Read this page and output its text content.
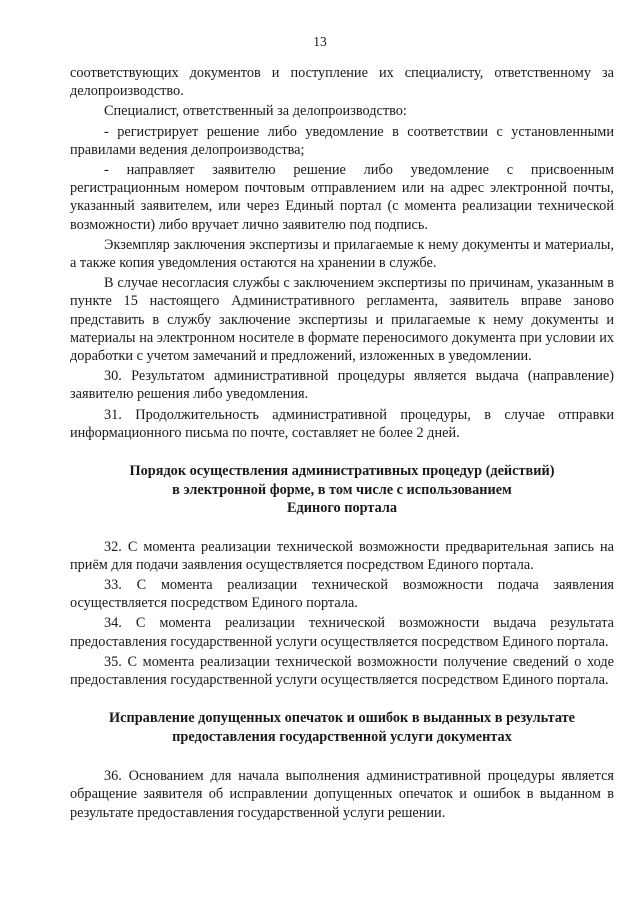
13

соответствующих документов и поступление их специалисту, ответственному за делопроизводство.

Специалист, ответственный за делопроизводство:

- регистрирует решение либо уведомление в соответствии с установленными правилами ведения делопроизводства;

- направляет заявителю решение либо уведомление с присвоенным регистрационным номером почтовым отправлением или на адрес электронной почты, указанный заявителем, или через Единый портал (с момента реализации технической возможности) либо вручает лично заявителю под подпись.

Экземпляр заключения экспертизы и прилагаемые к нему документы и материалы, а также копия уведомления остаются на хранении в службе.

В случае несогласия службы с заключением экспертизы по причинам, указанным в пункте 15 настоящего Административного регламента, заявитель вправе заново представить в службу заключение экспертизы и прилагаемые к нему документы и материалы на электронном носителе в формате переносимого документа при условии их доработки с учетом замечаний и предложений, изложенных в уведомлении.

30. Результатом административной процедуры является выдача (направление) заявителю решения либо уведомления.

31. Продолжительность административной процедуры, в случае отправки информационного письма по почте, составляет не более 2 дней.

Порядок осуществления административных процедур (действий)

в электронной форме, в том числе с использованием

Единого портала

32. С момента реализации технической возможности предварительная запись на приём для подачи заявления осуществляется посредством Единого портала.

33. С момента реализации технической возможности подача заявления осуществляется посредством Единого портала.

34. С момента реализации технической возможности выдача результата предоставления государственной услуги осуществляется посредством Единого портала.

35. С момента реализации технической возможности получение сведений о ходе предоставления государственной услуги осуществляется посредством Единого портала.

Исправление допущенных опечаток и ошибок в выданных в результате

предоставления государственной услуги документах

36. Основанием для начала выполнения административной процедуры является обращение заявителя об исправлении допущенных опечаток и ошибок в выданном в результате предоставления государственной услуги решении.
